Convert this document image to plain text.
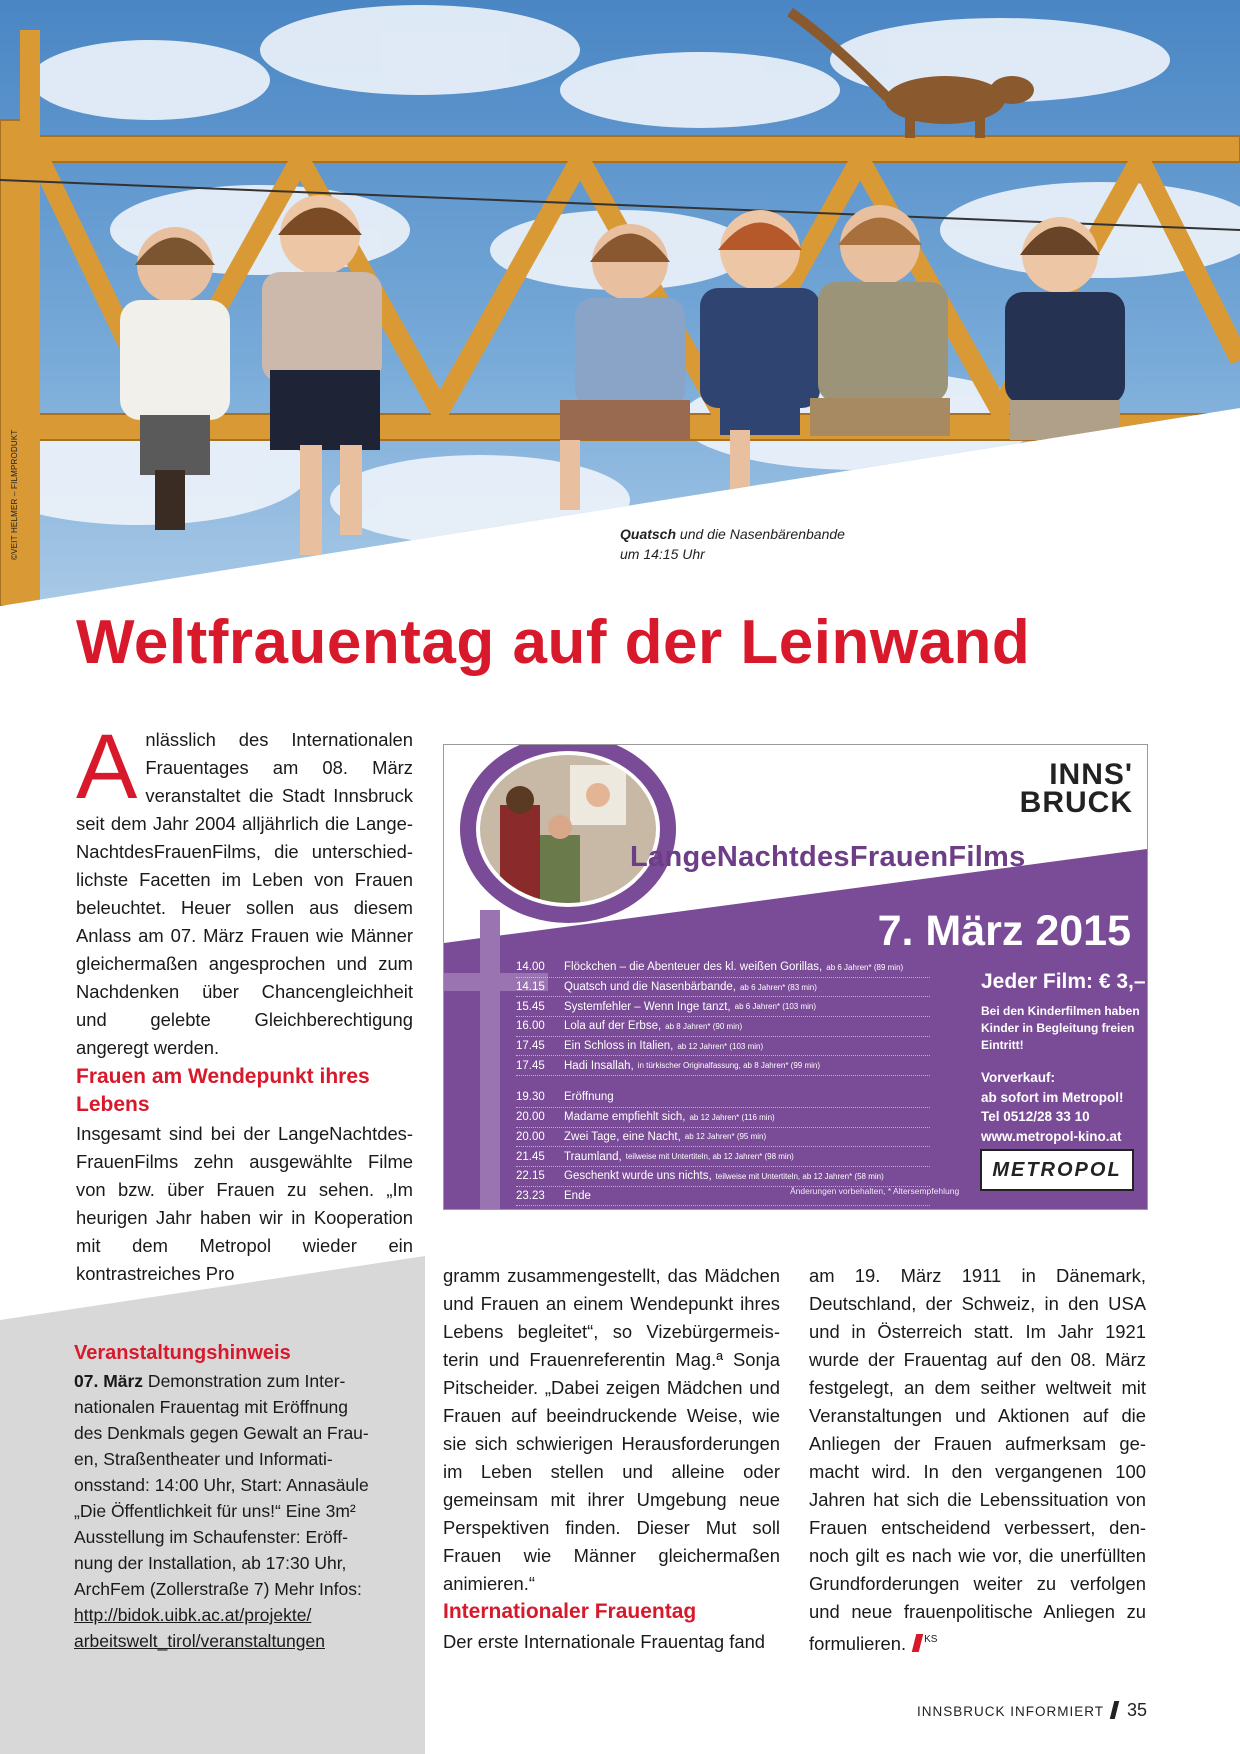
©VEIT HELMER – FILMPRODUKT	Quatsch und die Nasenbärenbande
um 14:15 Uhr
Weltfrauentag auf der Leinwand
Anlässlich des Internationalen Frauentages am 08. März veranstaltet die Stadt Innsbruck seit dem Jahr 2004 alljährlich die LangeNachtdesFrauenFilms, die unterschiedlichste Facetten im Leben von Frauen beleuchtet. Heuer sollen aus diesem Anlass am 07. März Frauen wie Männer gleichermaßen angesprochen und zum Nachdenken über Chancengleichheit und gelebte Gleichberechtigung angeregt werden.
Frauen am Wendepunkt ihres Lebens
Insgesamt sind bei der LangeNachtdesFrauenFilms zehn ausgewählte Filme von bzw. über Frauen zu sehen. „Im heurigen Jahr haben wir in Kooperation mit dem Metropol wieder ein kontrastreiches Pro
Veranstaltungshinweis
07. März Demonstration zum Internationalen Frauentag mit Eröffnung des Denkmals gegen Gewalt an Frauen, Straßentheater und Informationsstand: 14:00 Uhr, Start: Annasäule „Die Öffentlichkeit für uns!“ Eine 3m² Ausstellung im Schaufenster: Eröffnung der Installation, ab 17:30 Uhr, ArchFem (Zollerstraße 7) Mehr Infos:
http://bidok.uibk.ac.at/projekte/
arbeitswelt_tirol/veranstaltungen
INNS'
BRUCK
LangeNachtdesFrauenFilms
7. März 2015
14.00	Flöckchen – die Abenteuer des kl. weißen Gorillas, ab 6 Jahren* (89 min)
14.15	Quatsch und die Nasenbärbande, ab 6 Jahren* (83 min)
15.45	Systemfehler – Wenn Inge tanzt, ab 6 Jahren* (103 min)
16.00	Lola auf der Erbse, ab 8 Jahren* (90 min)
17.45	Ein Schloss in Italien, ab 12 Jahren* (103 min)
17.45	Hadi Insallah, in türkischer Originalfassung, ab 8 Jahren* (99 min)
19.30	Eröffnung
20.00	Madame empfiehlt sich, ab 12 Jahren* (116 min)
20.00	Zwei Tage, eine Nacht, ab 12 Jahren* (95 min)
21.45	Traumland, teilweise mit Untertiteln, ab 12 Jahren* (98 min)
22.15	Geschenkt wurde uns nichts, teilweise mit Untertiteln, ab 12 Jahren* (58 min)
23.23	Ende	Änderungen vorbehalten, * Altersempfehlung
Jeder Film: € 3,–
Bei den Kinderfilmen haben Kinder in Begleitung freien Eintritt!
Vorverkauf:
ab sofort im Metropol!
Tel 0512/28 33 10
www.metropol-kino.at
METROPOL
gramm zusammengestellt, das Mädchen und Frauen an einem Wendepunkt ihres Lebens begleitet“, so Vizebürgermeisterin und Frauenreferentin Mag.ª Sonja Pitscheider. „Dabei zeigen Mädchen und Frauen auf beeindruckende Weise, wie sie sich schwierigen Herausforderungen im Leben stellen und alleine oder gemeinsam mit ihrer Umgebung neue Perspektiven finden. Dieser Mut soll Frauen wie Männer gleichermaßen animieren.“
Internationaler Frauentag
Der erste Internationale Frauentag fand
am 19. März 1911 in Dänemark, Deutschland, der Schweiz, in den USA und in Österreich statt. Im Jahr 1921 wurde der Frauentag auf den 08. März festgelegt, an dem seither weltweit mit Veranstaltungen und Aktionen auf die Anliegen der Frauen aufmerksam gemacht wird. In den vergangenen 100 Jahren hat sich die Lebenssituation von Frauen entscheidend verbessert, dennoch gilt es nach wie vor, die unerfüllten Grundforderungen weiter zu verfolgen und neue frauenpolitische Anliegen zu formulieren. $^{KS}$
INNSBRUCK INFORMIERT 35
